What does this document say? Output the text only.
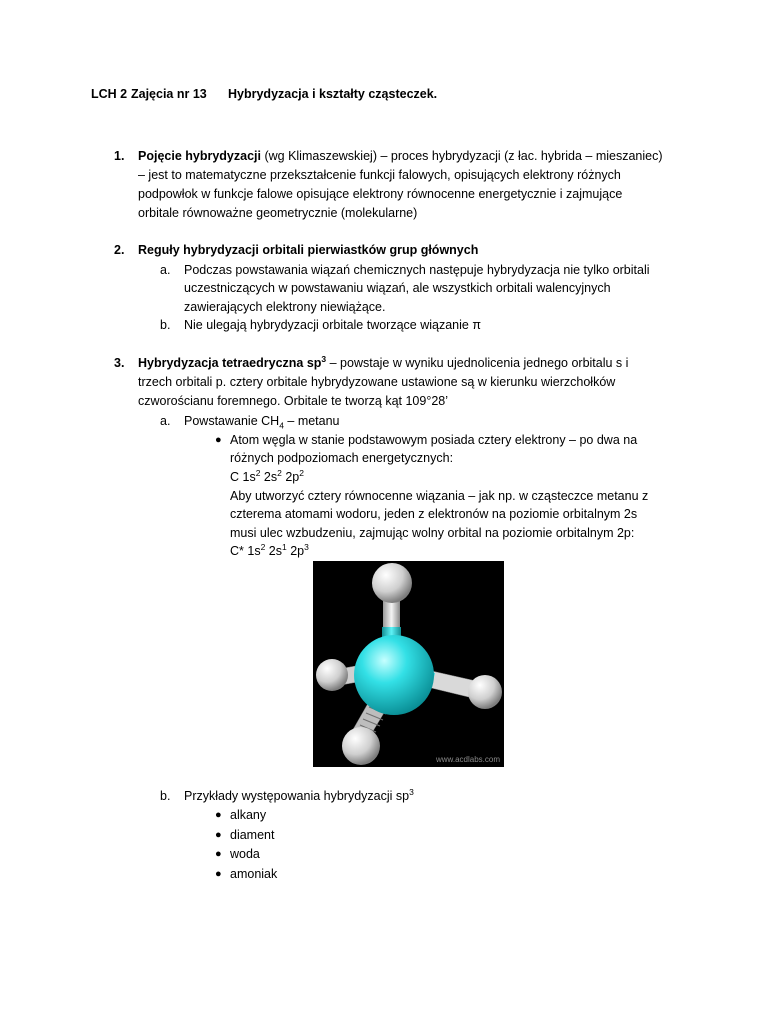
LCH 2 Zajęcia nr 13 Hybrydyzacja i kształty cząsteczek.
1. Pojęcie hybrydyzacji (wg Klimaszewskiej) – proces hybrydyzacji (z łac. hybrida – mieszaniec)
– jest to matematyczne przekształcenie funkcji falowych, opisujących elektrony różnych
podpowłok w funkcje falowe opisujące elektrony równocenne energetycznie i zajmujące
orbitale równoważne geometrycznie (molekularne)
2. Reguły hybrydyzacji orbitali pierwiastków grup głównych
a. Podczas powstawania wiązań chemicznych następuje hybrydyzacja nie tylko orbitali
uczestniczących w powstawaniu wiązań, ale wszystkich orbitali walencyjnych
zawierających elektrony niewiążące.
b. Nie ulegają hybrydyzacji orbitale tworzące wiązanie π
3. Hybrydyzacja tetraedryczna $sp^3$ – powstaje w wyniku ujednolicenia jednego orbitalu s i
trzech orbitali p. cztery orbitale hybrydyzowane ustawione są w kierunku wierzchołków
czworościanu foremnego. Orbitale te tworzą kąt 109°28’
a. Powstawanie $CH_4$ – metanu
● Atom węgla w stanie podstawowym posiada cztery elektrony – po dwa na
różnych podpoziomach energetycznych:
C $1s^2$ $2s^2$ $2p^2$
Aby utworzyć cztery równocenne wiązania – jak np. w cząsteczce metanu z
czterema atomami wodoru, jeden z elektronów na poziomie orbitalnym 2s
musi ulec wzbudzeniu, zajmując wolny orbital na poziomie orbitalnym 2p:
C* $1s^2$ $2s^1$ $2p^3$
www.acdlabs.com
b. Przykłady występowania hybrydyzacji $sp^3$
● alkany
● diament
● woda
● amoniak
